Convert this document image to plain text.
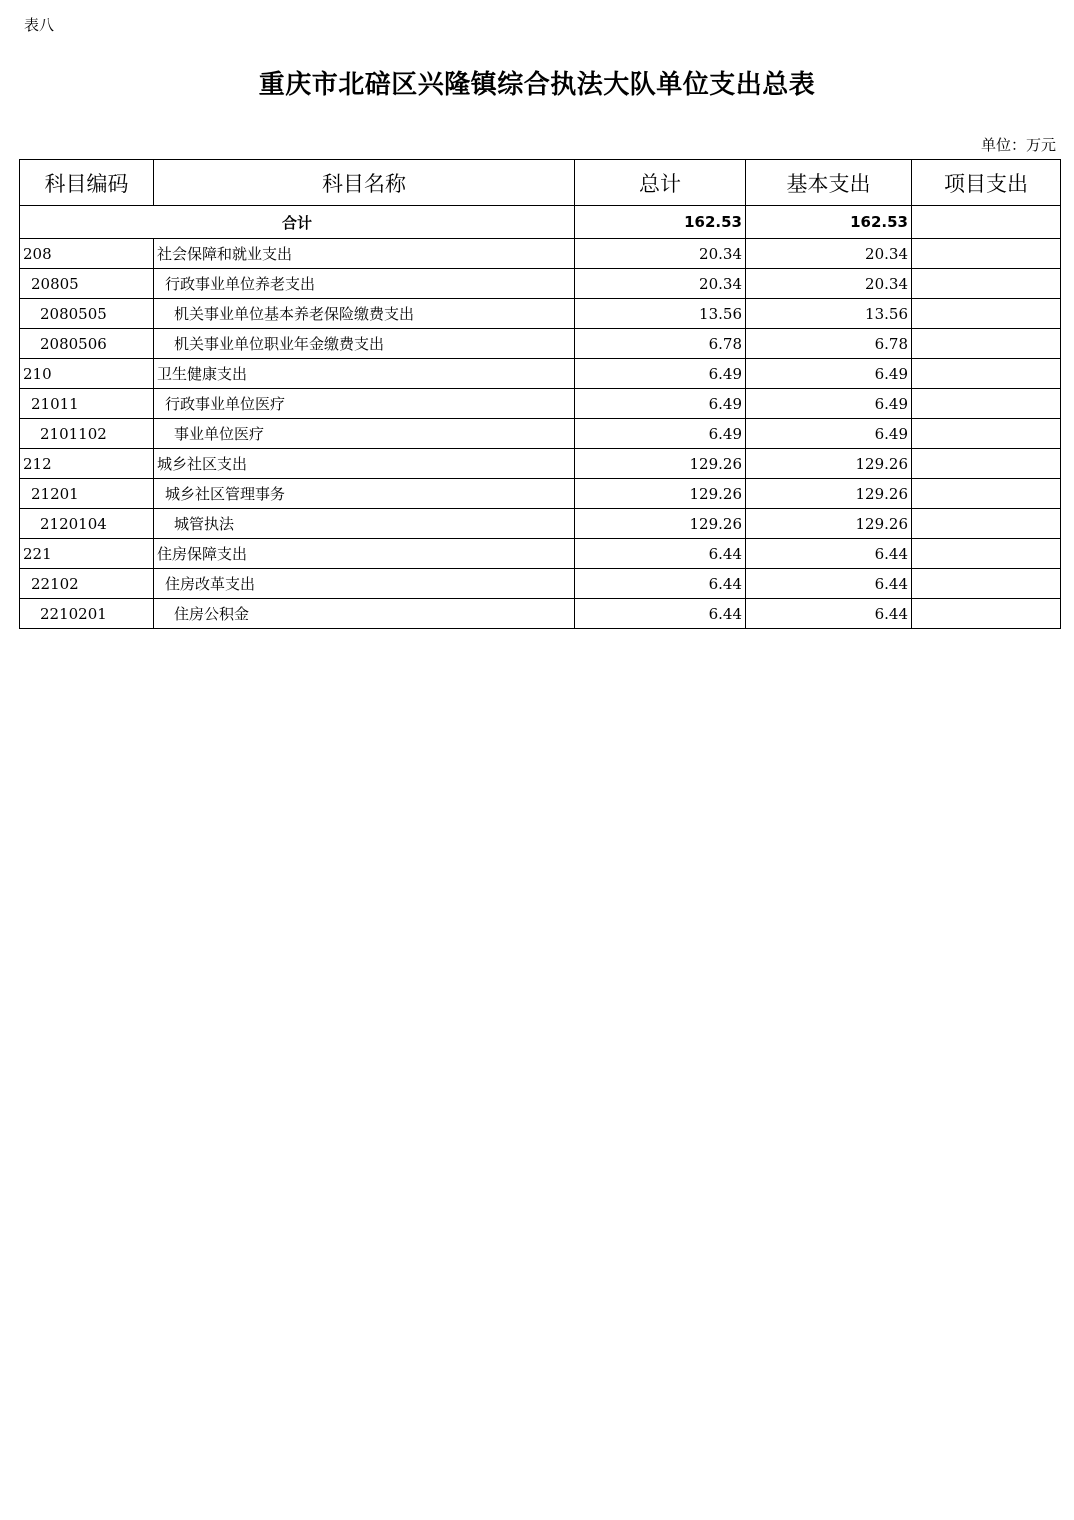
表八
重庆市北碚区兴隆镇综合执法大队单位支出总表
单位：万元
科目编码	科目名称	总计	基本支出	项目支出
合计		162.53	162.53	
208	社会保障和就业支出	20.34	20.34	
20805	行政事业单位养老支出	20.34	20.34	
2080505	机关事业单位基本养老保险缴费支出	13.56	13.56	
2080506	机关事业单位职业年金缴费支出	6.78	6.78	
210	卫生健康支出	6.49	6.49	
21011	行政事业单位医疗	6.49	6.49	
2101102	事业单位医疗	6.49	6.49	
212	城乡社区支出	129.26	129.26	
21201	城乡社区管理事务	129.26	129.26	
2120104	城管执法	129.26	129.26	
221	住房保障支出	6.44	6.44	
22102	住房改革支出	6.44	6.44	
2210201	住房公积金	6.44	6.44	
